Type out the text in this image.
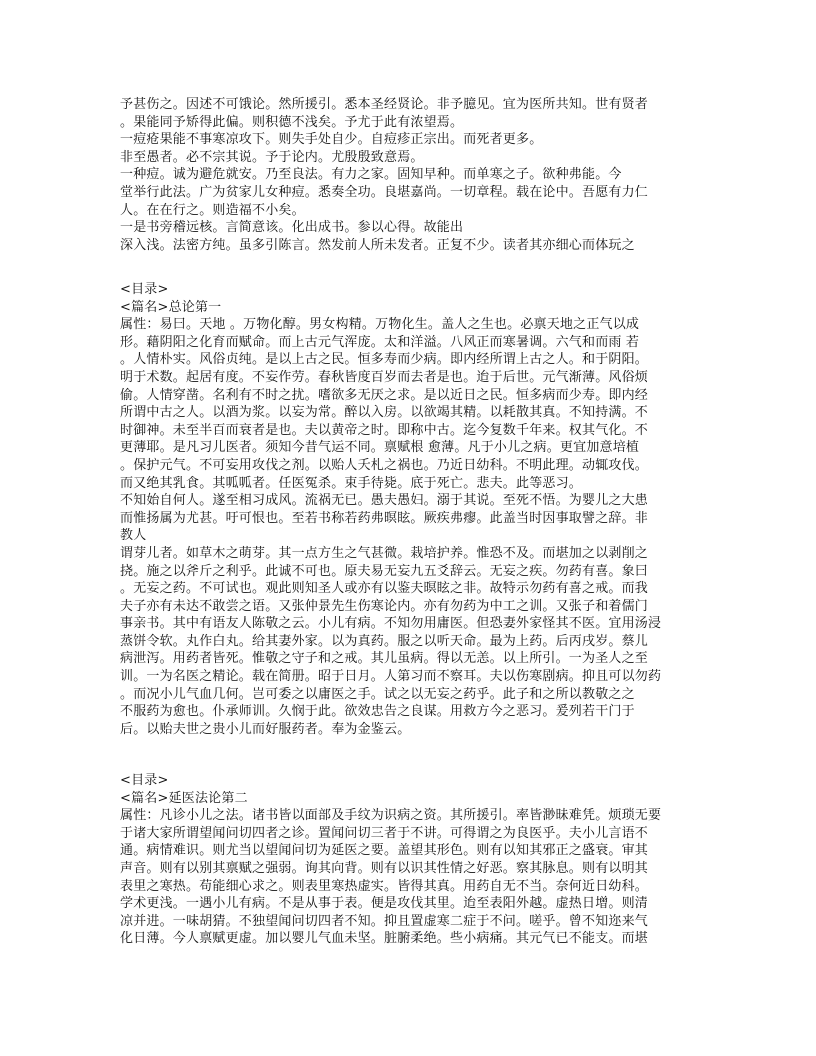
予甚伤之。因述不可饿论。然所援引。悉本圣经贤论。非予臆见。宜为医所共知。世有贤者
。果能同予矫得此偏。则积德不浅矣。予尤于此有浓望焉。
一痘疮果能不事寒凉攻下。则失手处自少。自痘疹正宗出。而死者更多。
非至愚者。必不宗其说。予于论内。尤殷殷致意焉。
一种痘。诚为避危就安。乃至良法。有力之家。固知早种。而单寒之子。欲种弗能。今
堂举行此法。广为贫家儿女种痘。悉奏全功。良堪嘉尚。一切章程。载在论中。吾愿有力仁
人。在在行之。则造福不小矣。
一是书旁稽远核。言简意该。化出成书。参以心得。故能出
深入浅。法密方纯。虽多引陈言。然发前人所未发者。正复不少。读者其亦细心而体玩之
<目录>
<篇名>总论第一
属性：易曰。天地 。万物化醇。男女构精。万物化生。盖人之生也。必禀天地之正气以成
形。藉阴阳之化育而赋命。而上古元气浑庞。太和洋溢。八风正而寒暑调。六气和而雨 若
。人情朴实。风俗贞纯。是以上古之民。恒多寿而少病。即内经所谓上古之人。和于阴阳。
明于术数。起居有度。不妄作劳。春秋皆度百岁而去者是也。迨于后世。元气渐薄。风俗烦
偷。人情穿凿。名利有不时之扰。嗜欲多无厌之求。是以近日之民。恒多病而少寿。即内经
所谓中古之人。以酒为浆。以妄为常。醉以入房。以欲竭其精。以耗散其真。不知持满。不
时御神。未至半百而衰者是也。夫以黄帝之时。即称中古。迄今复数千年来。权其气化。不
更薄耶。是凡习儿医者。须知今昔气运不同。禀赋根 愈薄。凡于小儿之病。更宜加意培植
。保护元气。不可妄用攻伐之剂。以贻人夭札之祸也。乃近日幼科。不明此理。动辄攻伐。
而又绝其乳食。其呱呱者。任医冤杀。束手待毙。底于死亡。悲夫。此等恶习。
不知始自何人。遂至相习成风。流祸无已。愚夫愚妇。溺于其说。至死不悟。为婴儿之大患
而惟扬属为尤甚。吁可恨也。至若书称若药弗暝眩。厥疾弗瘳。此盖当时因事取譬之辞。非
教人
谓芽儿者。如草木之萌芽。其一点方生之气甚微。栽培护养。惟恐不及。而堪加之以剥削之
挠。施之以斧斤之利乎。此诚不可也。原夫易无妄九五爻辞云。无妄之疾。勿药有喜。象曰
。无妄之药。不可试也。观此则知圣人或亦有以鉴夫暝眩之非。故特示勿药有喜之戒。而我
夫子亦有未达不敢尝之语。又张仲景先生伤寒论内。亦有勿药为中工之训。又张子和着儒门
事亲书。其中有语友人陈敬之云。小儿有病。不知勿用庸医。但恐妻外家怪其不医。宜用汤浸
蒸饼令软。丸作白丸。给其妻外家。以为真药。服之以听天命。最为上药。后丙戌岁。蔡儿
病泄泻。用药者皆死。惟敬之守子和之戒。其儿虽病。得以无恙。以上所引。一为圣人之至
训。一为名医之精论。载在简册。昭于日月。人第习而不察耳。夫以伤寒剧病。抑且可以勿药
。而况小儿气血几何。岂可委之以庸医之手。试之以无妄之药乎。此子和之所以教敬之之
不服药为愈也。仆承师训。久悯于此。欲效忠告之良谋。用救方今之恶习。爰列若干门于
后。以贻夫世之贵小儿而好服药者。奉为金鉴云。
<目录>
<篇名>延医法论第二
属性：凡诊小儿之法。诸书皆以面部及手纹为识病之资。其所援引。率皆渺昧难凭。烦琐无要
于诸大家所谓望闻问切四者之诊。置闻问切三者于不讲。可得谓之为良医乎。夫小儿言语不
通。病情难识。则尤当以望闻问切为延医之要。盖望其形色。则有以知其邪正之盛衰。审其
声音。则有以别其禀赋之强弱。询其向背。则有以识其性情之好恶。察其脉息。则有以明其
表里之寒热。苟能细心求之。则表里寒热虚实。皆得其真。用药自无不当。奈何近日幼科。
学术更浅。一遇小儿有病。不是从事于表。便是攻伐其里。迨至表阳外越。虚热日增。则清
凉并进。一味胡猜。不独望闻问切四者不知。抑且置虚寒二症于不问。嗟乎。曾不知迩来气
化日薄。今人禀赋更虚。加以婴儿气血未坚。脏腑柔绝。些小病痛。其元气已不能支。而堪
